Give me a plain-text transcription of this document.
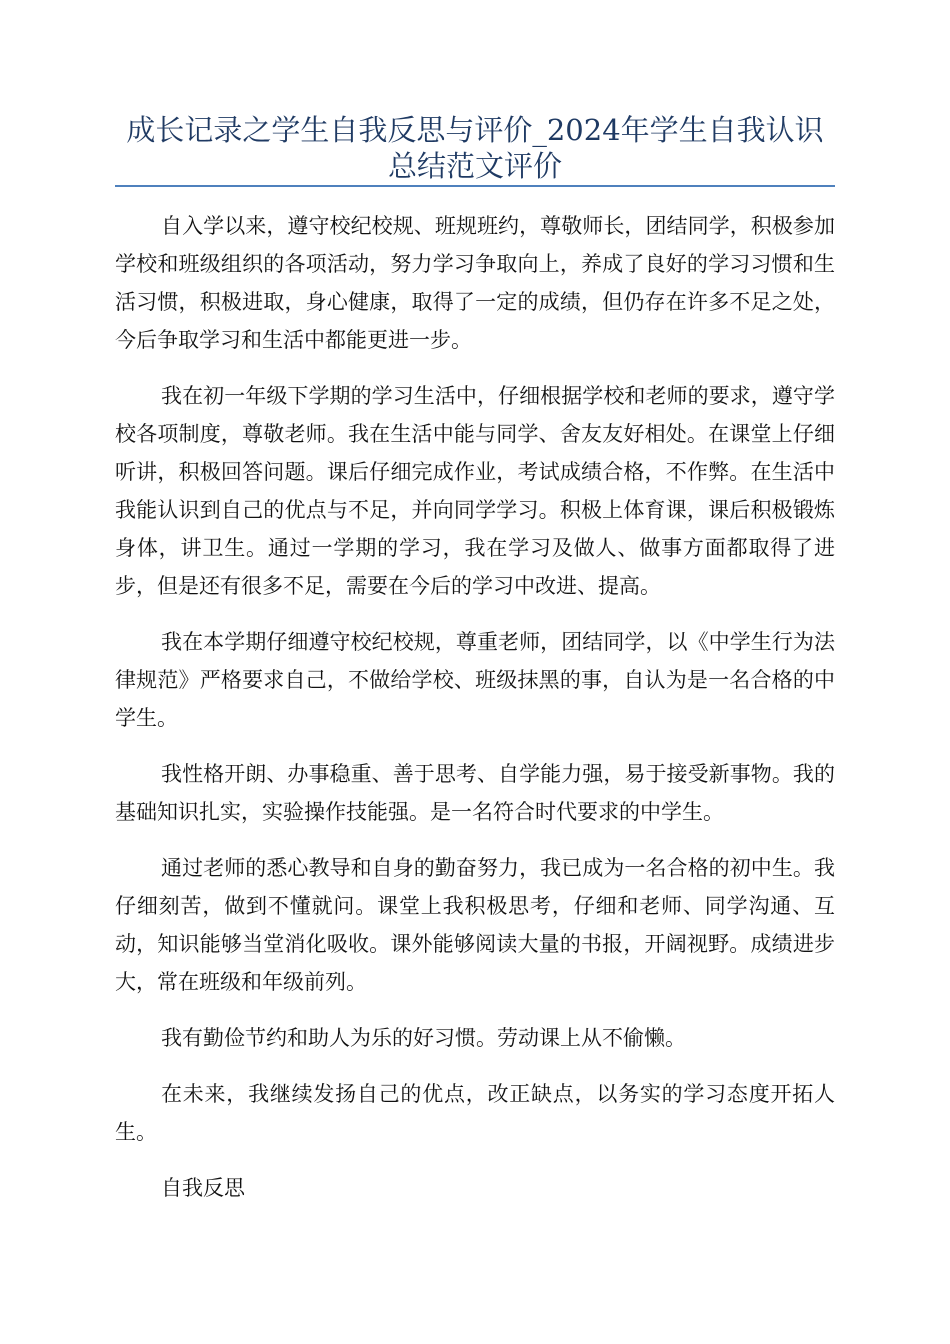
成长记录之学生自我反思与评价_2024年学生自我认识总结范文评价

自入学以来，遵守校纪校规、班规班约，尊敬师长，团结同学，积极参加学校和班级组织的各项活动，努力学习争取向上，养成了良好的学习习惯和生活习惯，积极进取，身心健康，取得了一定的成绩，但仍存在许多不足之处，今后争取学习和生活中都能更进一步。

我在初一年级下学期的学习生活中，仔细根据学校和老师的要求，遵守学校各项制度，尊敬老师。我在生活中能与同学、舍友友好相处。在课堂上仔细听讲，积极回答问题。课后仔细完成作业，考试成绩合格，不作弊。在生活中我能认识到自己的优点与不足，并向同学学习。积极上体育课，课后积极锻炼身体，讲卫生。通过一学期的学习，我在学习及做人、做事方面都取得了进步，但是还有很多不足，需要在今后的学习中改进、提高。

我在本学期仔细遵守校纪校规，尊重老师，团结同学，以《中学生行为法律规范》严格要求自己，不做给学校、班级抹黑的事，自认为是一名合格的中学生。

我性格开朗、办事稳重、善于思考、自学能力强，易于接受新事物。我的基础知识扎实，实验操作技能强。是一名符合时代要求的中学生。

通过老师的悉心教导和自身的勤奋努力，我已成为一名合格的初中生。我仔细刻苦，做到不懂就问。课堂上我积极思考，仔细和老师、同学沟通、互动，知识能够当堂消化吸收。课外能够阅读大量的书报，开阔视野。成绩进步大，常在班级和年级前列。

我有勤俭节约和助人为乐的好习惯。劳动课上从不偷懒。

在未来，我继续发扬自己的优点，改正缺点，以务实的学习态度开拓人生。

自我反思
